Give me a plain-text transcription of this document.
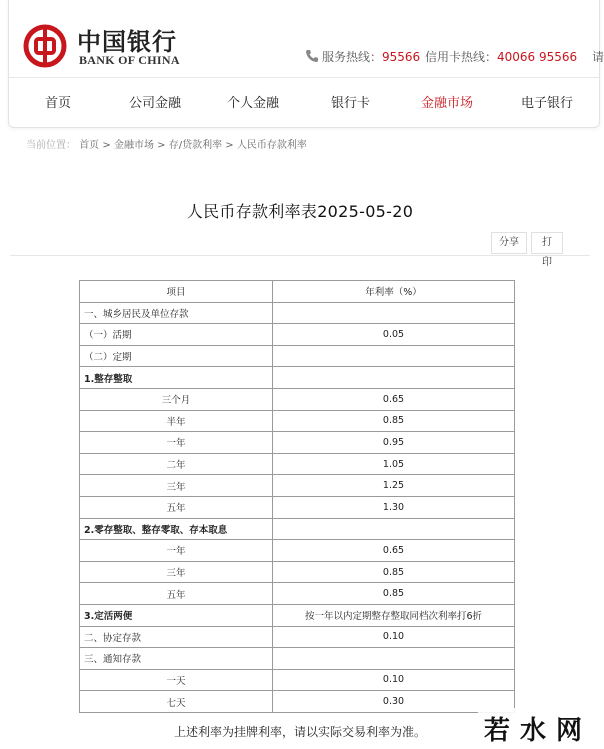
中国银行
BANK OF CHINA	服务热线：95566 信用卡热线：40066 95566 请
首页	公司金融	个人金融	银行卡	金融市场	电子银行
当前位置： 首页 > 金融市场 > 存/贷款利率 > 人民币存款利率
人民币存款利率表2025-05-20
分享	打印
项目	年利率（%）
一、城乡居民及单位存款	
（一）活期	0.05
（二）定期	
1.整存整取	
三个月	0.65
半年	0.85
一年	0.95
二年	1.05
三年	1.25
五年	1.30
2.零存整取、整存零取、存本取息	
一年	0.65
三年	0.85
五年	0.85
3.定活两便	按一年以内定期整存整取同档次利率打6折
二、协定存款	0.10
三、通知存款	
一天	0.10
七天	0.30
上述利率为挂牌利率，请以实际交易利率为准。	若水网
